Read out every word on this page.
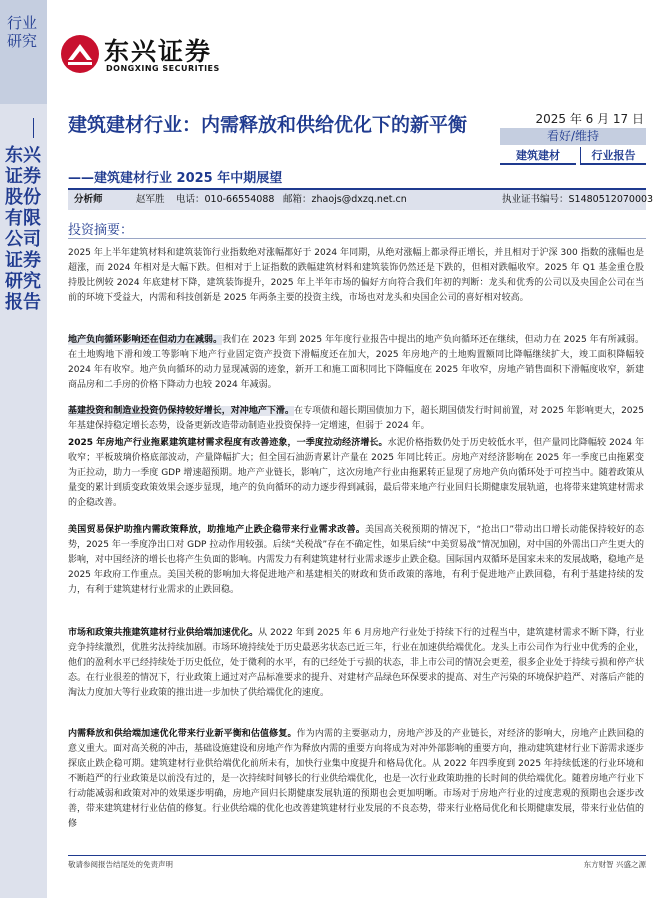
行业研究
东兴证券股份有限公司证券研究报告
东兴证券
DONGXING SECURITIES
建筑建材行业：内需释放和供给优化下的新平衡
——建筑建材行业 2025 年中期展望
2025 年 6 月 17 日
看好/维持
建筑建材	行业报告
分析师	赵军胜 电话：010-66554088 邮箱：zhaojs@dxzq.net.cn	执业证书编号：S1480512070003
投资摘要：
2025 年上半年建筑材料和建筑装饰行业指数绝对涨幅都好于 2024 年同期，从绝对涨幅上都录得正增长，并且相对于沪深 300 指数的涨幅也是超涨，而 2024 年相对是大幅下跌。但相对于上证指数的跌幅建筑材料和建筑装饰仍然还是下跌的，但相对跌幅收窄。2025 年 Q1 基金重仓股持股比例较 2024 年底建材下降，建筑装饰提升，2025 年上半年市场的偏好方向符合我们年初的判断：龙头和优秀的公司以及央国企公司在当前的环境下受益大，内需和科技创新是 2025 年两条主要的投资主线，市场也对龙头和央国企公司的喜好相对较高。
地产负向循环影响还在但动力在减弱。我们在 2023 年到 2025 年年度行业报告中提出的地产负向循环还在继续，但动力在 2025 年有所减弱。在土地购地下滑和竣工等影响下地产行业固定资产投资下滑幅度还在加大，2025 年房地产的土地购置额同比降幅继续扩大，竣工面积降幅较 2024 年有收窄。地产负向循环的动力显现减弱的迹象，新开工和施工面积同比下降幅度在 2025 年收窄，房地产销售面积下滑幅度收窄，新建商品房和二手房的价格下降动力也较 2024 年减弱。
基建投资和制造业投资仍保持较好增长，对冲地产下滑。在专项债和超长期国债加力下，超长期国债发行时间前置，对 2025 年影响更大，2025 年基建保持稳定增长态势，设备更新改造带动制造业投资保持一定增速，但弱于 2024 年。
2025 年房地产行业拖累建筑建材需求程度有改善迹象，一季度拉动经济增长。水泥价格指数仍处于历史较低水平，但产量同比降幅较 2024 年收窄；平板玻璃价格底部波动，产量降幅扩大；但全国石油沥青累计产量在 2025 年同比转正。房地产对经济影响在 2025 年一季度已由拖累变为正拉动，助力一季度 GDP 增速超预期。地产产业链长，影响广，这次房地产行业由拖累转正显现了房地产负向循环处于可控当中。随着政策从量变的累计到质变政策效果会逐步显现，地产的负向循环的动力逐步得到减弱，最后带来地产行业回归长期健康发展轨道，也将带来建筑建材需求的企稳改善。
美国贸易保护助推内需政策释放，助推地产止跌企稳带来行业需求改善。美国高关税预期的情况下，“抢出口”带动出口增长动能保持较好的态势，2025 年一季度净出口对 GDP 拉动作用较强。后续“关税战”存在不确定性，如果后续“中美贸易战”情况加剧，对中国的外需出口产生更大的影响，对中国经济的增长也将产生负面的影响。内需发力有利建筑建材行业需求逐步止跌企稳。国际国内双循环是国家未来的发展战略，稳地产是 2025 年政府工作重点。美国关税的影响加大将促进地产和基建相关的财政和货币政策的落地，有利于促进地产止跌回稳，有利于基建持续的发力，有利于建筑建材行业需求的止跌回稳。
市场和政策共推建筑建材行业供给端加速优化。从 2022 年到 2025 年 6 月房地产行业处于持续下行的过程当中，建筑建材需求不断下降，行业竞争持续激烈，优胜劣汰持续加剧。市场环境持续处于历史最恶劣状态已近三年，行业在加速供给端优化。龙头上市公司作为行业中优秀的企业，他们的盈利水平已经持续处于历史低位，处于微利的水平，有的已经处于亏损的状态，非上市公司的情况会更差，很多企业处于持续亏损和停产状态。在行业很差的情况下，行业政策上通过对产品标准要求的提升、对建材产品绿色环保要求的提高、对生产污染的环境保护趋严、对落后产能的淘汰力度加大等行业政策的推出进一步加快了供给端优化的速度。
内需释放和供给端加速优化带来行业新平衡和估值修复。作为内需的主要驱动力，房地产涉及的产业链长，对经济的影响大，房地产止跌回稳的意义重大。面对高关税的冲击，基础设施建设和房地产作为释放内需的重要方向将成为对冲外部影响的重要方向，推动建筑建材行业下游需求逐步探底止跌企稳可期。建筑建材行业供给端优化前所未有，加快行业集中度提升和格局优化。从 2022 年四季度到 2025 年持续低迷的行业环境和不断趋严的行业政策是以前没有过的，是一次持续时间够长的行业供给端优化，也是一次行业政策助推的长时间的供给端优化。随着房地产行业下行动能减弱和政策对冲的效果逐步明确，房地产回归长期健康发展轨道的预期也会更加明晰。市场对于房地产行业的过度悲观的预期也会逐步改善，带来建筑建材行业估值的修复。行业供给端的优化也改善建筑建材行业发展的不良态势，带来行业格局优化和长期健康发展，带来行业估值的修
敬请参阅报告结尾处的免责声明	东方财智 兴盛之源
